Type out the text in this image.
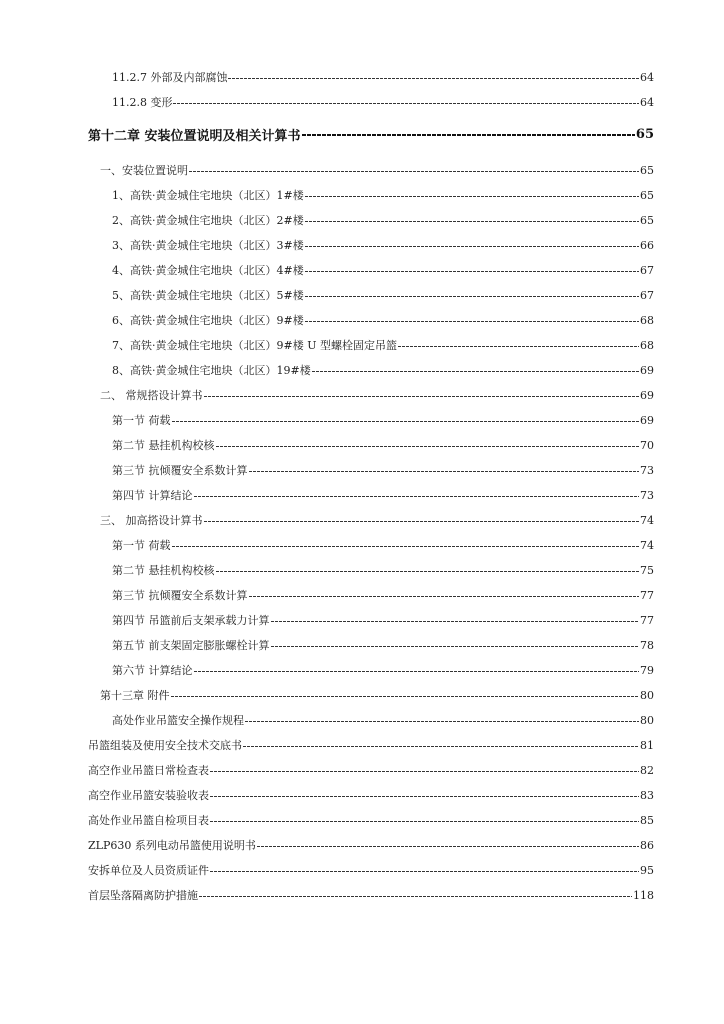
11.2.7 外部及内部腐蚀	64
11.2.8 变形	64
第十二章 安装位置说明及相关计算书	65
一、安装位置说明	65
1、高铁·黄金城住宅地块（北区）1#楼	65
2、高铁·黄金城住宅地块（北区）2#楼	65
3、高铁·黄金城住宅地块（北区）3#楼	66
4、高铁·黄金城住宅地块（北区）4#楼	67
5、高铁·黄金城住宅地块（北区）5#楼	67
6、高铁·黄金城住宅地块（北区）9#楼	68
7、高铁·黄金城住宅地块（北区）9#楼 U 型螺栓固定吊篮	68
8、高铁·黄金城住宅地块（北区）19#楼	69
二、 常规搭设计算书	69
第一节 荷载	69
第二节 悬挂机构校核	70
第三节 抗倾覆安全系数计算	73
第四节 计算结论	73
三、 加高搭设计算书	74
第一节 荷载	74
第二节 悬挂机构校核	75
第三节 抗倾覆安全系数计算	77
第四节 吊篮前后支架承载力计算	77
第五节 前支架固定膨胀螺栓计算	78
第六节 计算结论	79
第十三章 附件	80
高处作业吊篮安全操作规程	80
吊篮组装及使用安全技术交底书	81
高空作业吊篮日常检查表	82
高空作业吊篮安装验收表	83
高处作业吊篮自检项目表	85
ZLP630 系列电动吊篮使用说明书	86
安拆单位及人员资质证件	95
首层坠落隔离防护措施	118
